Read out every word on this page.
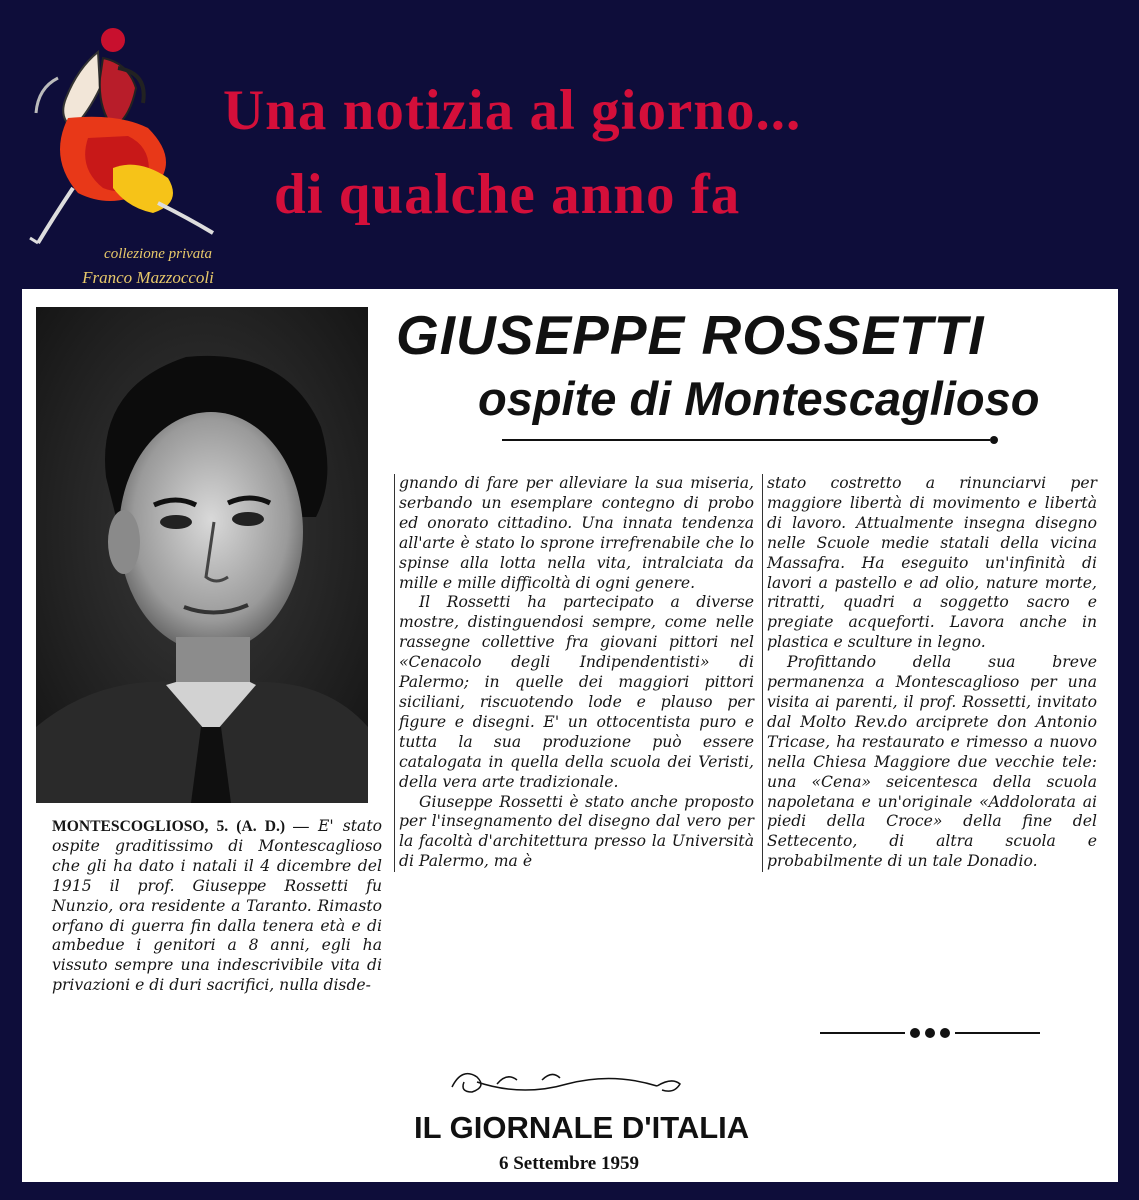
collezione privata
Franco Mazzoccoli
Una notizia al giorno...
di qualche anno fa
GIUSEPPE ROSSETTI
ospite di Montescaglioso

MONTESCOGLIOSO, 5. (A. D.) — E' stato ospite graditissimo di Montescaglioso che gli ha dato i natali il 4 dicembre del 1915 il prof. Giuseppe Rossetti fu Nunzio, ora residente a Taranto. Rimasto orfano di guerra fin dalla tenera età e di ambedue i genitori a 8 anni, egli ha vissuto sempre una indescrivibile vita di privazioni e di duri sacrifici, nulla disde-

gnando di fare per alleviare la sua miseria, serbando un esemplare contegno di probo ed onorato cittadino. Una innata tendenza all'arte è stato lo sprone irrefrenabile che lo spinse alla lotta nella vita, intralciata da mille e mille difficoltà di ogni genere.

Il Rossetti ha partecipato a diverse mostre, distinguendosi sempre, come nelle rassegne collettive fra giovani pittori nel «Cenacolo degli Indipendentisti» di Palermo; in quelle dei maggiori pittori siciliani, riscuotendo lode e plauso per figure e disegni. E' un ottocentista puro e tutta la sua produzione può essere catalogata in quella della scuola dei Veristi, della vera arte tradizionale.

Giuseppe Rossetti è stato anche proposto per l'insegnamento del disegno dal vero per la facoltà d'architettura presso la Università di Palermo, ma è

stato costretto a rinunciarvi per maggiore libertà di movimento e libertà di lavoro. Attualmente insegna disegno nelle Scuole medie statali della vicina Massafra. Ha eseguito un'infinità di lavori a pastello e ad olio, nature morte, ritratti, quadri a soggetto sacro e pregiate acqueforti. Lavora anche in plastica e sculture in legno.

Profittando della sua breve permanenza a Montescaglioso per una visita ai parenti, il prof. Rossetti, invitato dal Molto Rev.do arciprete don Antonio Tricase, ha restaurato e rimesso a nuovo nella Chiesa Maggiore due vecchie tele: una «Cena» seicentesca della scuola napoletana e un'originale «Addolorata ai piedi della Croce» della fine del Settecento, di altra scuola e probabilmente di un tale Donadio.

IL GIORNALE D'ITALIA
6 Settembre 1959
